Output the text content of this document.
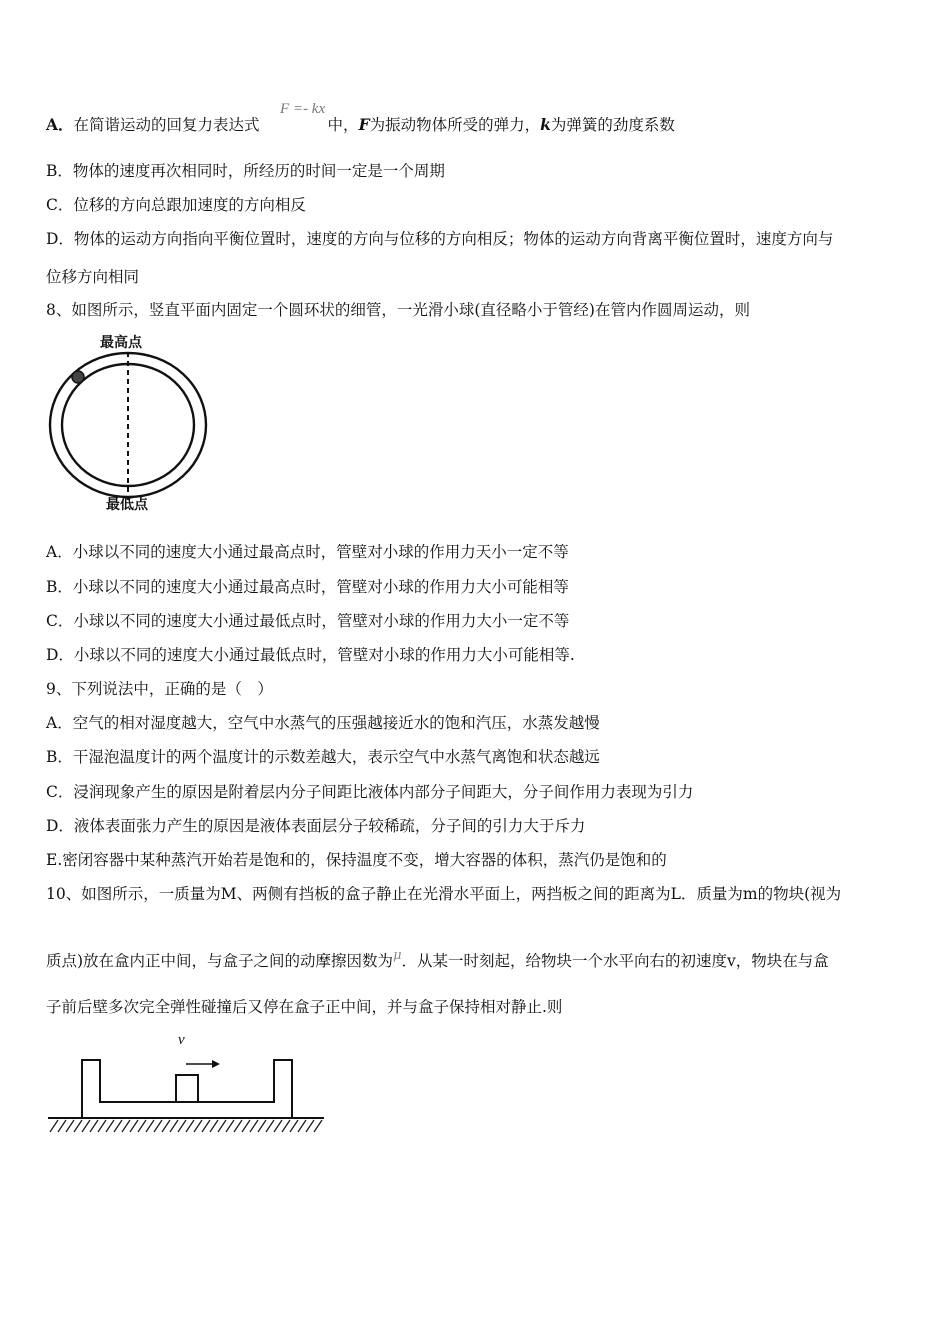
A．在简谐运动的回复力表达式	中，F为振动物体所受的弹力，k为弹簧的劲度系数
F =- kx
B．物体的速度再次相同时，所经历的时间一定是一个周期
C．位移的方向总跟加速度的方向相反
D．物体的运动方向指向平衡位置时，速度的方向与位移的方向相反；物体的运动方向背离平衡位置时，速度方向与
位移方向相同
8、如图所示，竖直平面内固定一个圆环状的细管，一光滑小球(直径略小于管经)在管内作圆周运动，则
最高点
最低点
A．小球以不同的速度大小通过最高点时，管壁对小球的作用力天小一定不等
B．小球以不同的速度大小通过最高点时，管壁对小球的作用力大小可能相等
C．小球以不同的速度大小通过最低点时，管壁对小球的作用力大小一定不等
D．小球以不同的速度大小通过最低点时，管壁对小球的作用力大小可能相等.
9、下列说法中，正确的是（　）
A．空气的相对湿度越大，空气中水蒸气的压强越接近水的饱和汽压，水蒸发越慢
B．干湿泡温度计的两个温度计的示数差越大，表示空气中水蒸气离饱和状态越远
C．浸润现象产生的原因是附着层内分子间距比液体内部分子间距大，分子间作用力表现为引力
D．液体表面张力产生的原因是液体表面层分子较稀疏，分子间的引力大于斥力
E.密闭容器中某种蒸汽开始若是饱和的，保持温度不变，增大容器的体积，蒸汽仍是饱和的
10、如图所示，一质量为M、两侧有挡板的盒子静止在光滑水平面上，两挡板之间的距离为L．质量为m的物块(视为
质点)放在盒内正中间，与盒子之间的动摩擦因数为$^\mu$．从某一时刻起，给物块一个水平向右的初速度v，物块在与盒
子前后壁多次完全弹性碰撞后又停在盒子正中间，并与盒子保持相对静止.则
v
